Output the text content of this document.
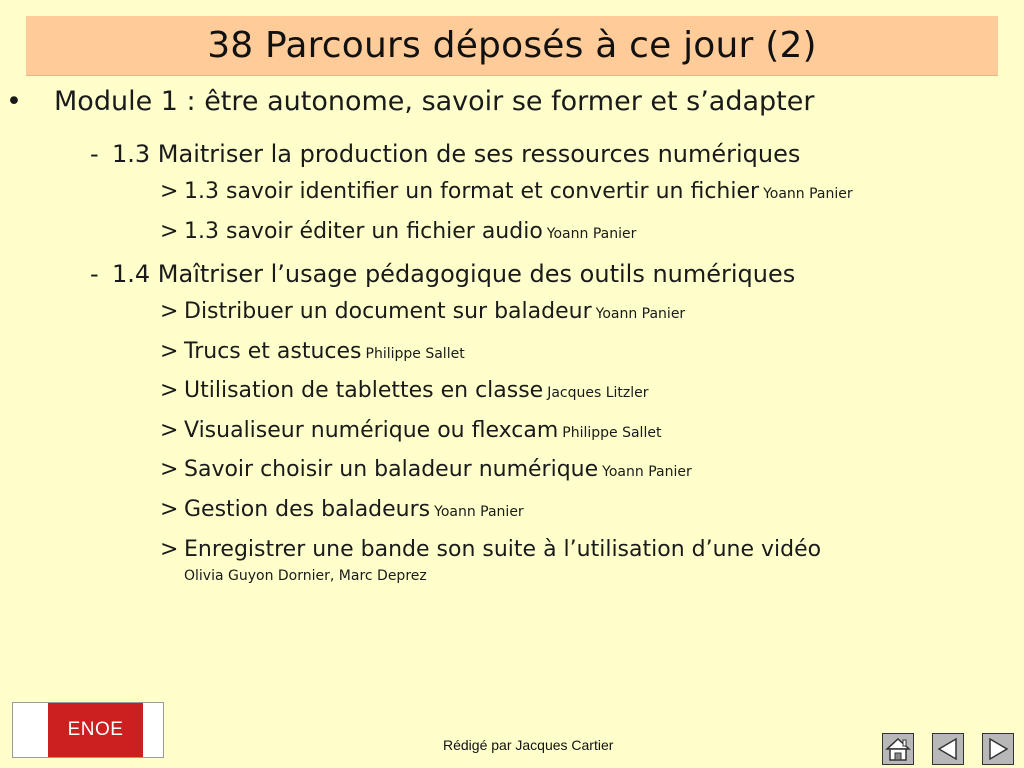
38 Parcours déposés à ce jour (2)
•	Module 1 : être autonome, savoir se former et s’adapter
- 1.3 Maitriser la production de ses ressources numériques
> 1.3 savoir identifier un format et convertir un fichier Yoann Panier
> 1.3 savoir éditer un fichier audio Yoann Panier
- 1.4 Maîtriser l’usage pédagogique des outils numériques
> Distribuer un document sur baladeur Yoann Panier
> Trucs et astuces Philippe Sallet
> Utilisation de tablettes en classe Jacques Litzler
> Visualiseur numérique ou flexcam Philippe Sallet
> Savoir choisir un baladeur numérique Yoann Panier
> Gestion des baladeurs Yoann Panier
> Enregistrer une bande son suite à l’utilisation d’une vidéo
Olivia Guyon Dornier, Marc Deprez
ENOE
Rédigé par Jacques Cartier
